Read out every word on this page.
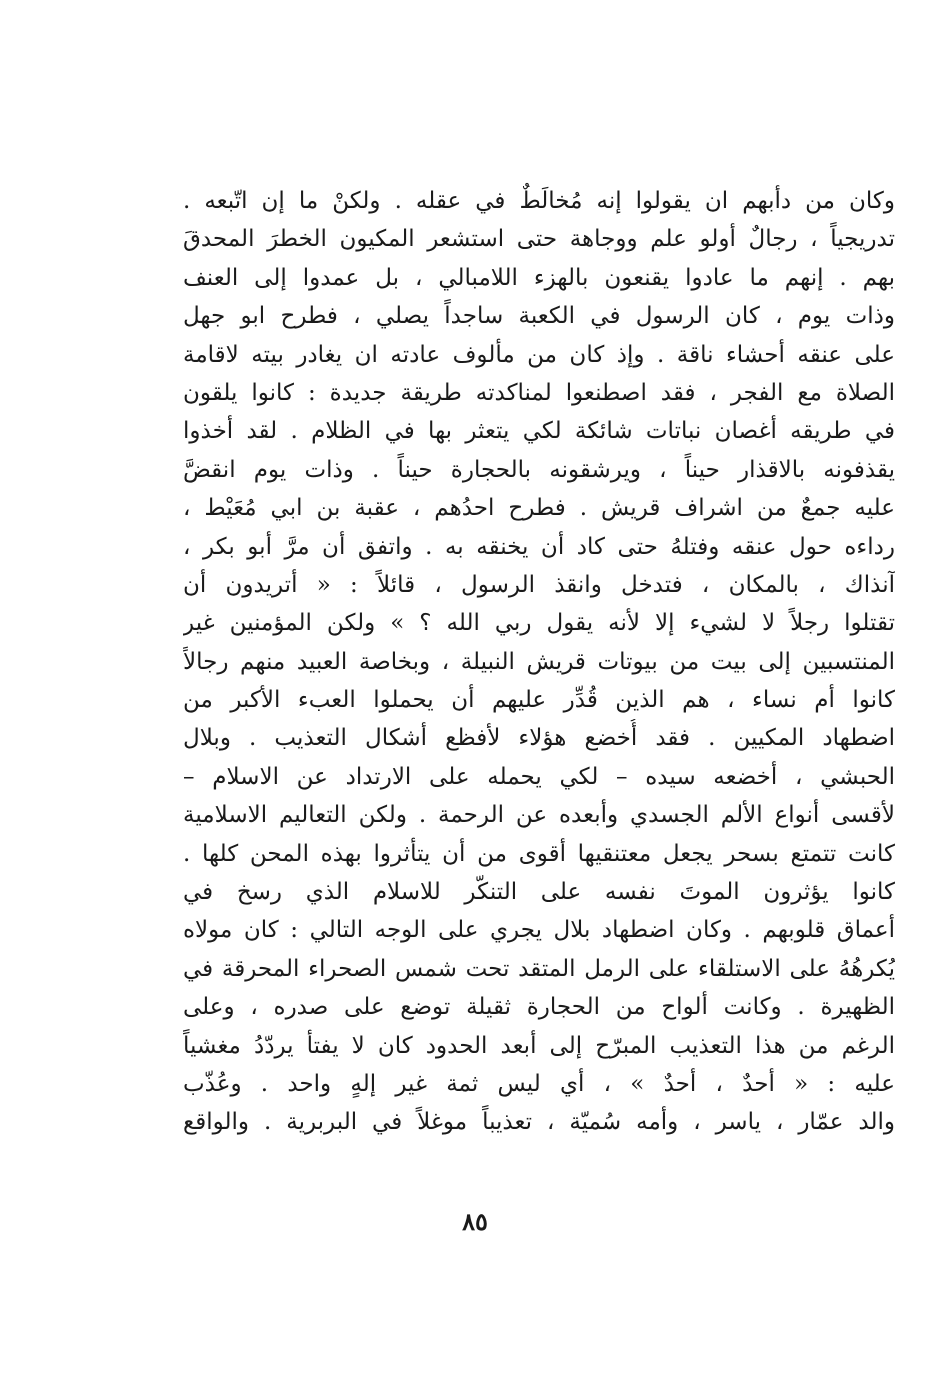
وكان من دأبهم ان يقولوا إنه مُخالَطٌ في عقله . ولكنْ ما إن اتّبعه .
تدريجياً ، رجالٌ أولو علم ووجاهة حتى استشعر المكيون الخطرَ المحدقَ
بهم . إنهم ما عادوا يقنعون بالهزء اللامبالي ، بل عمدوا إلى العنف
وذات يوم ، كان الرسول في الكعبة ساجداً يصلي ، فطرح ابو جهل
على عنقه أحشاء ناقة . وإذ كان من مألوف عادته ان يغادر بيته لاقامة
الصلاة مع الفجر ، فقد اصطنعوا لمناكدته طريقة جديدة : كانوا يلقون
في طريقه أغصان نباتات شائكة لكي يتعثر بها في الظلام . لقد أخذوا
يقذفونه بالاقذار حيناً ، ويرشقونه بالحجارة حيناً . وذات يوم انقضَّ
عليه جمعٌ من اشراف قريش . فطرح احدُهم ، عقبة بن ابي مُعَيْط ،
رداءه حول عنقه وفتلهُ حتى كاد أن يخنقه به . واتفق أن مرَّ أبو بكر ،
آنذاك ، بالمكان ، فتدخل وانقذ الرسول ، قائلاً : « أتريدون أن
تقتلوا رجلاً لا لشيء إلا لأنه يقول ربي الله ؟ » ولكن المؤمنين غير
المنتسبين إلى بيت من بيوتات قريش النبيلة ، وبخاصة العبيد منهم رجالاً
كانوا أم نساء ، هم الذين قُدِّر عليهم أن يحملوا العبء الأكبر من
اضطهاد المكيين . فقد أُخضع هؤلاء لأفظع أشكال التعذيب . وبلال
الحبشي ، أخضعه سيده – لكي يحمله على الارتداد عن الاسلام –
لأقسى أنواع الألم الجسدي وأبعده عن الرحمة . ولكن التعاليم الاسلامية
كانت تتمتع بسحر يجعل معتنقيها أقوى من أن يتأثروا بهذه المحن كلها .
كانوا يؤثرون الموتَ نفسه على التنكّر للاسلام الذي رسخ في
أعماق قلوبهم . وكان اضطهاد بلال يجري على الوجه التالي : كان مولاه
يُكرهُهُ على الاستلقاء على الرمل المتقد تحت شمس الصحراء المحرقة في
الظهيرة . وكانت ألواح من الحجارة ثقيلة توضع على صدره ، وعلى
الرغم من هذا التعذيب المبرّح إلى أبعد الحدود كان لا يفتأ يردّدُ مغشياً
عليه : « أحدٌ ، أحدٌ » ، أي ليس ثمة غير إلهٍ واحد . وعُذّب
والد عمّار ، ياسر ، وأمه سُميّة ، تعذيباً موغلاً في البربرية . والواقع
٨٥
